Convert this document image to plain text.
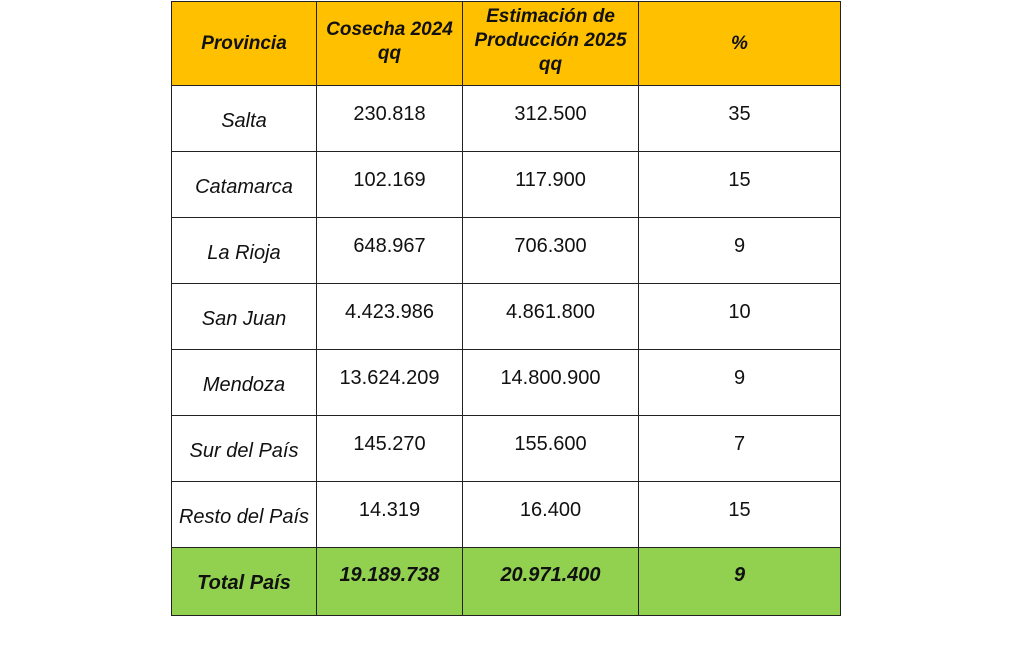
Provincia	Cosecha 2024 qq	Estimación de Producción 2025 qq	%
Salta	230.818	312.500	35
Catamarca	102.169	117.900	15
La Rioja	648.967	706.300	9
San Juan	4.423.986	4.861.800	10
Mendoza	13.624.209	14.800.900	9
Sur del País	145.270	155.600	7
Resto del País	14.319	16.400	15
Total País	19.189.738	20.971.400	9
